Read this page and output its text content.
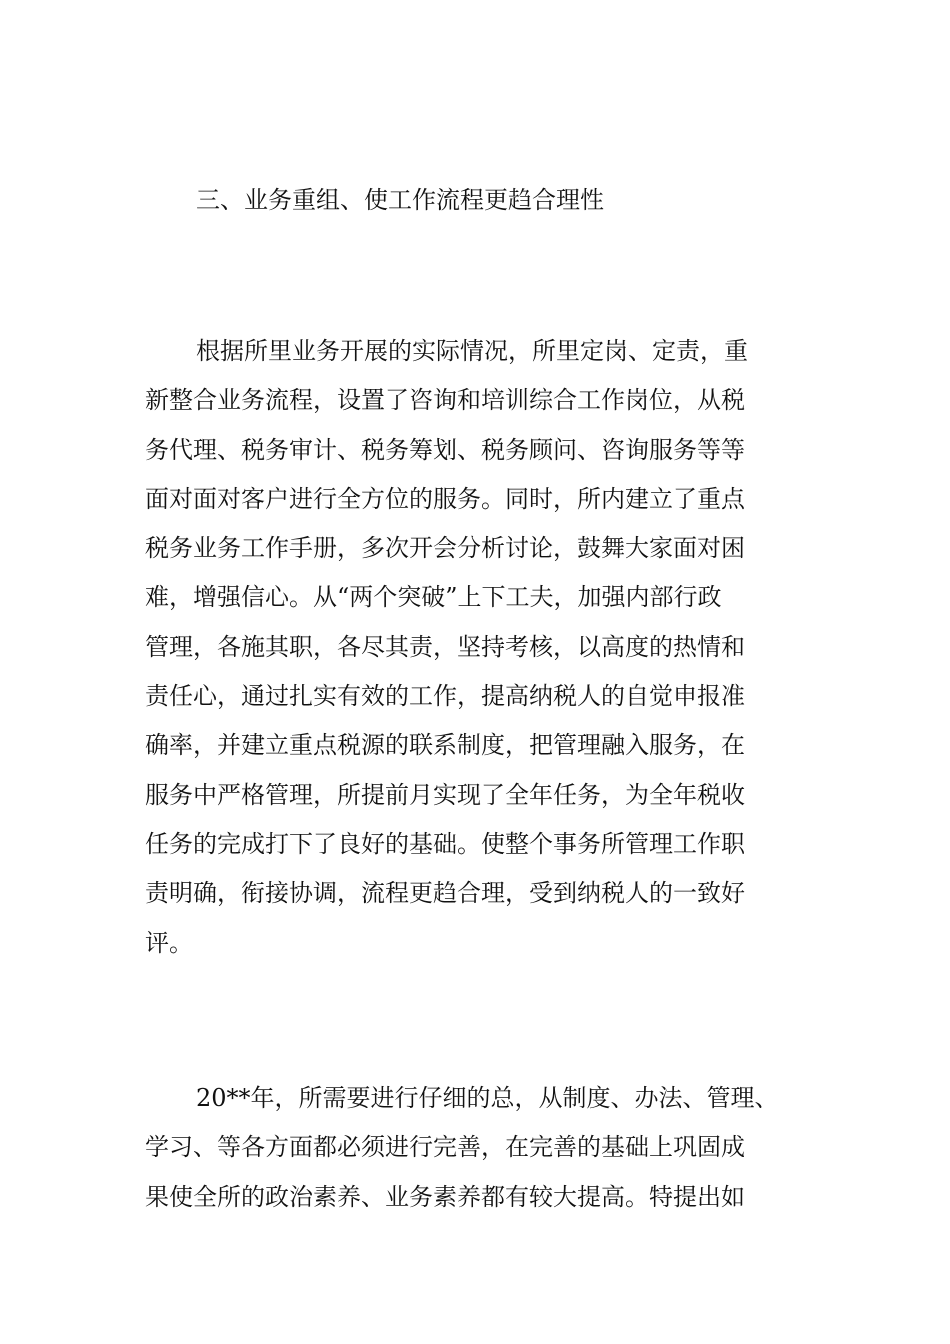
三、业务重组、使工作流程更趋合理性

根据所里业务开展的实际情况，所里定岗、定责，重
新整合业务流程，设置了咨询和培训综合工作岗位，从税
务代理、税务审计、税务筹划、税务顾问、咨询服务等等
面对面对客户进行全方位的服务。同时，所内建立了重点
税务业务工作手册，多次开会分析讨论，鼓舞大家面对困
难，增强信心。从“两个突破”上下工夫，加强内部行政
管理，各施其职，各尽其责，坚持考核，以高度的热情和
责任心，通过扎实有效的工作，提高纳税人的自觉申报准
确率，并建立重点税源的联系制度，把管理融入服务，在
服务中严格管理，所提前月实现了全年任务，为全年税收
任务的完成打下了良好的基础。使整个事务所管理工作职
责明确，衔接协调，流程更趋合理，受到纳税人的一致好
评。

20**年，所需要进行仔细的总，从制度、办法、管理、
学习、等各方面都必须进行完善，在完善的基础上巩固成
果使全所的政治素养、业务素养都有较大提高。特提出如
